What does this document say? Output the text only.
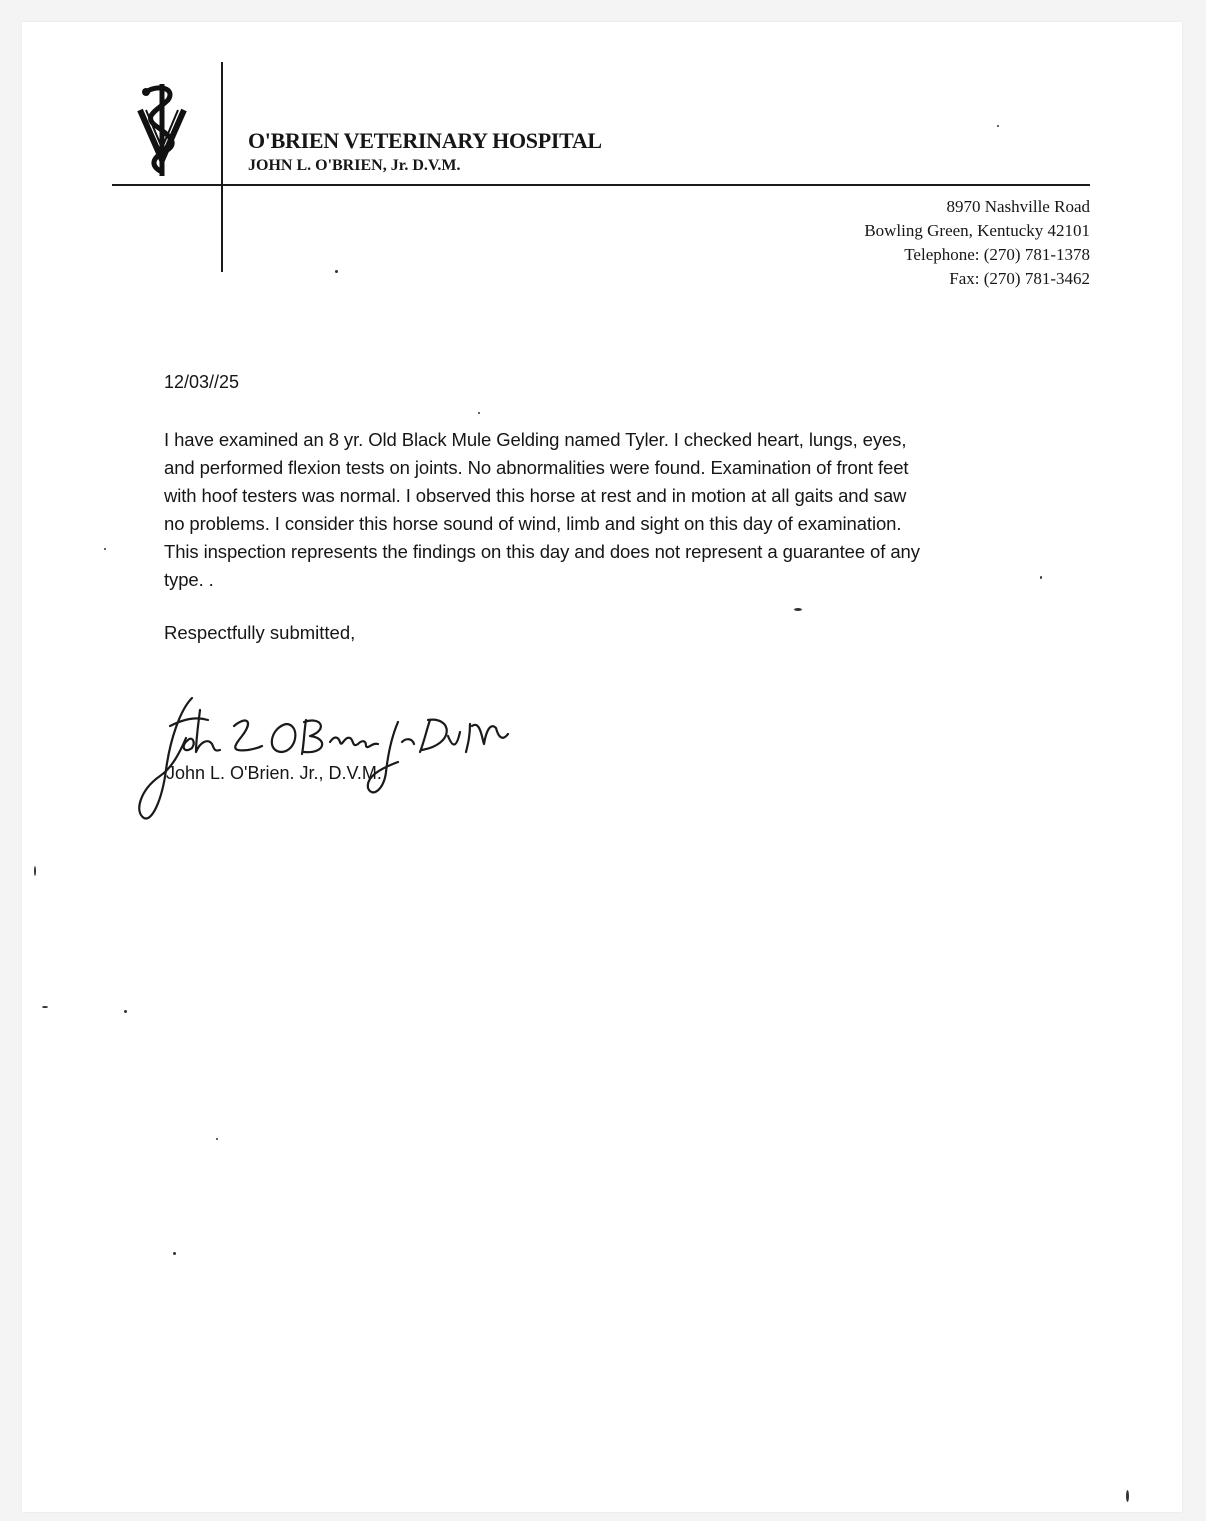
O'BRIEN VETERINARY HOSPITAL
JOHN L. O'BRIEN, Jr. D.V.M.
8970 Nashville Road
Bowling Green, Kentucky 42101
Telephone: (270) 781-1378
Fax: (270) 781-3462
12/03//25
I have examined an 8 yr. Old Black Mule Gelding named Tyler. I checked heart, lungs, eyes,
and performed flexion tests on joints. No abnormalities were found. Examination of front feet
with hoof testers was normal. I observed this horse at rest and in motion at all gaits and saw
no problems. I consider this horse sound of wind, limb and sight on this day of examination.
This inspection represents the findings on this day and does not represent a guarantee of any
type. .
Respectfully submitted,
John L. O'Brien. Jr., D.V.M.
